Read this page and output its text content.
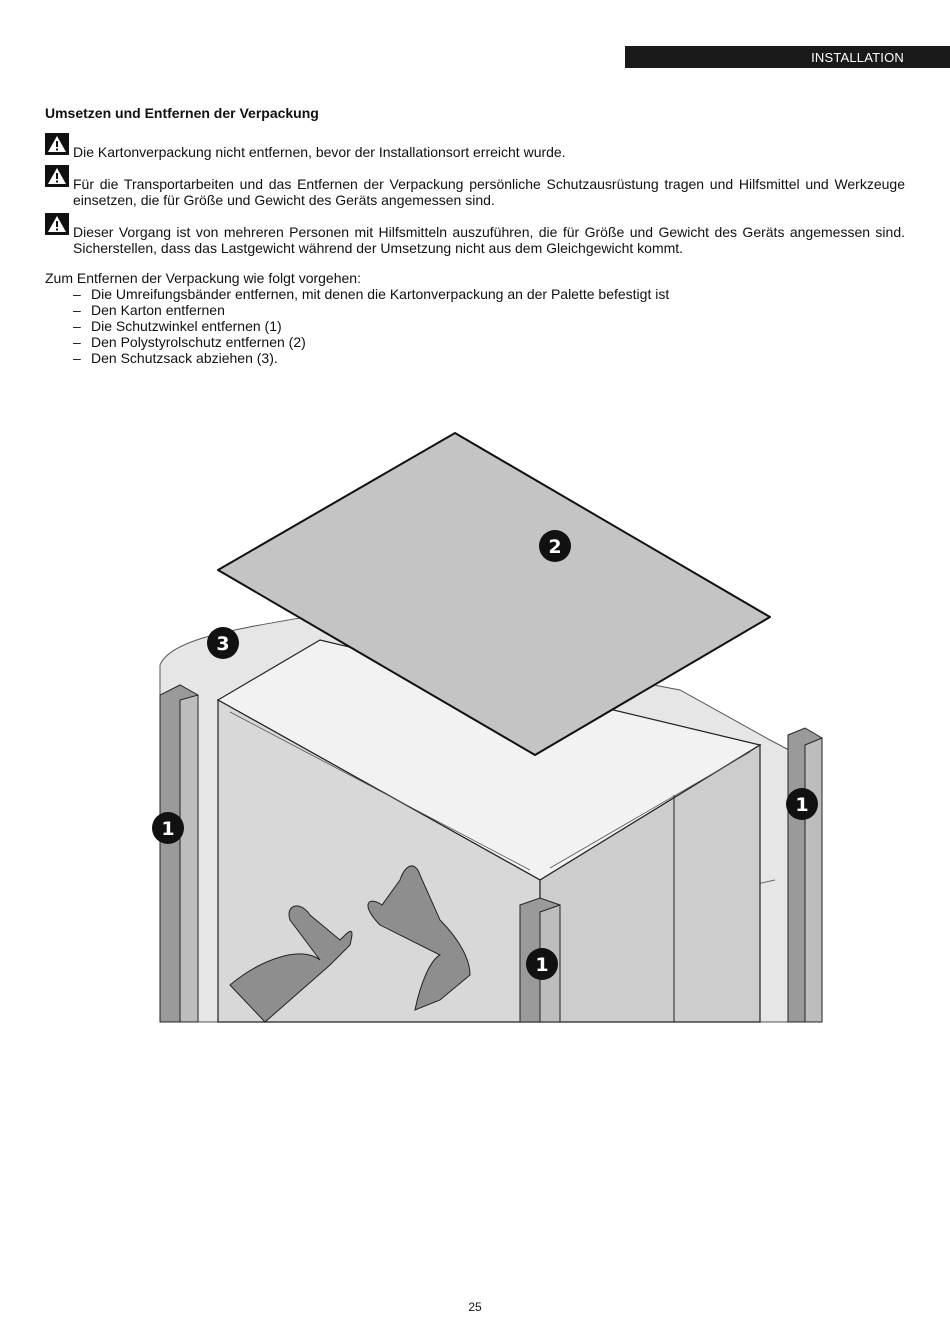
INSTALLATION
Umsetzen und Entfernen der Verpackung
Die Kartonverpackung nicht entfernen, bevor der Installationsort erreicht wurde.
Für die Transportarbeiten und das Entfernen der Verpackung persönliche Schutzausrüstung tragen und Hilfsmittel und Werkzeuge einsetzen, die für Größe und Gewicht des Geräts angemessen sind.
Dieser Vorgang ist von mehreren Personen mit Hilfsmitteln auszuführen, die für Größe und Gewicht des Geräts angemessen sind. Sicherstellen, dass das Lastgewicht während der Umsetzung nicht aus dem Gleichgewicht kommt.
Zum Entfernen der Verpackung wie folgt vorgehen:
– Die Umreifungsbänder entfernen, mit denen die Kartonverpackung an der Palette befestigt ist
– Den Karton entfernen
– Die Schutzwinkel entfernen (1)
– Den Polystyrolschutz entfernen (2)
– Den Schutzsack abziehen (3).
2
3
1
1
1
25
